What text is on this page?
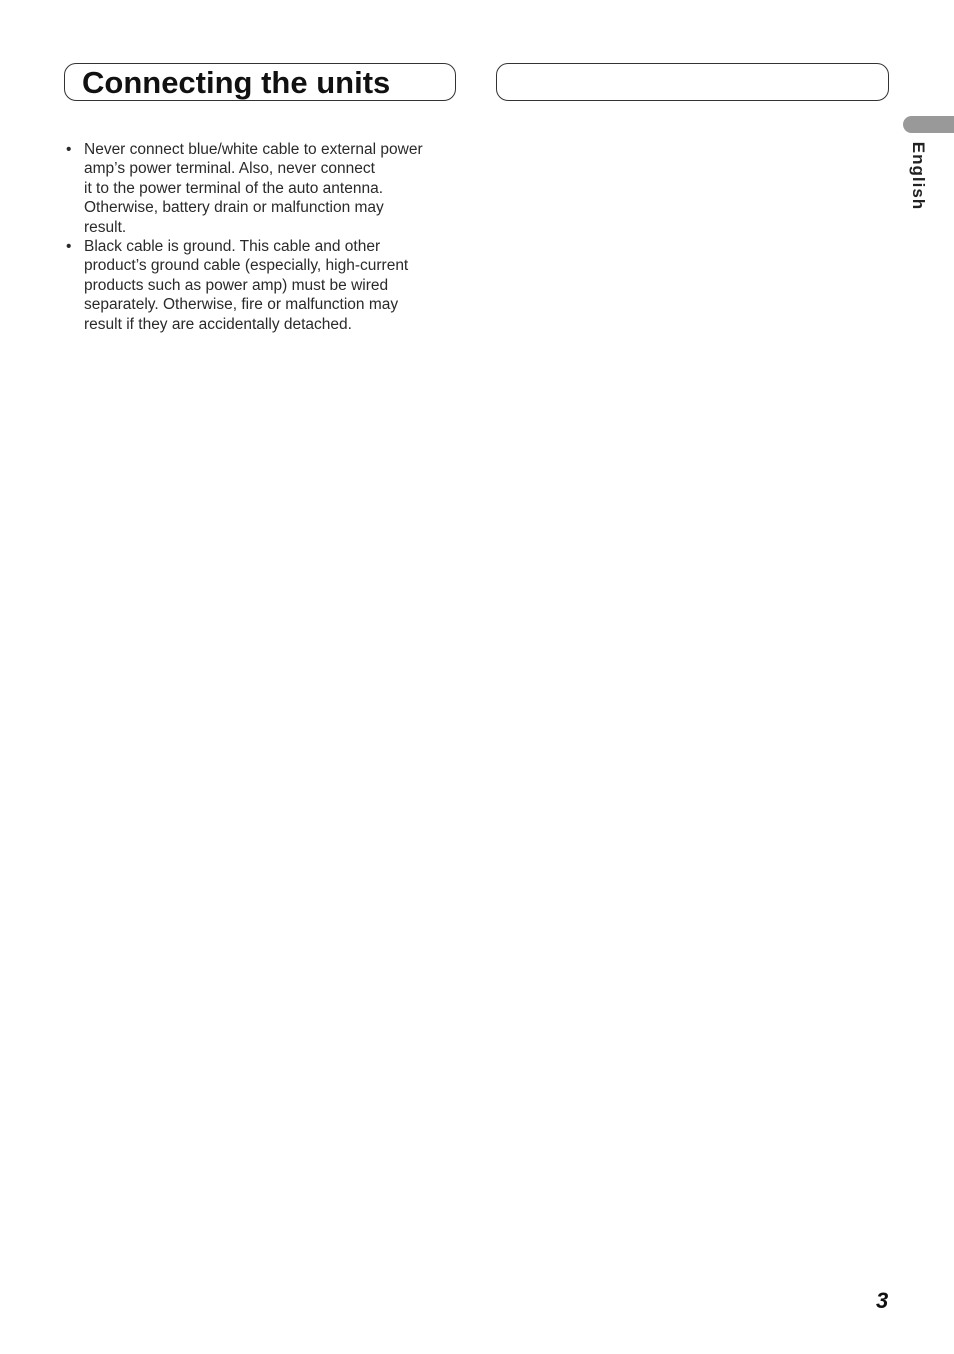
Connecting the units
English
• Never connect blue/white cable to external power
amp’s power terminal. Also, never connect
it to the power terminal of the auto antenna.
Otherwise, battery drain or malfunction may
result.
• Black cable is ground. This cable and other
product’s ground cable (especially, high-current
products such as power amp) must be wired
separately. Otherwise, fire or malfunction may
result if they are accidentally detached.
3
